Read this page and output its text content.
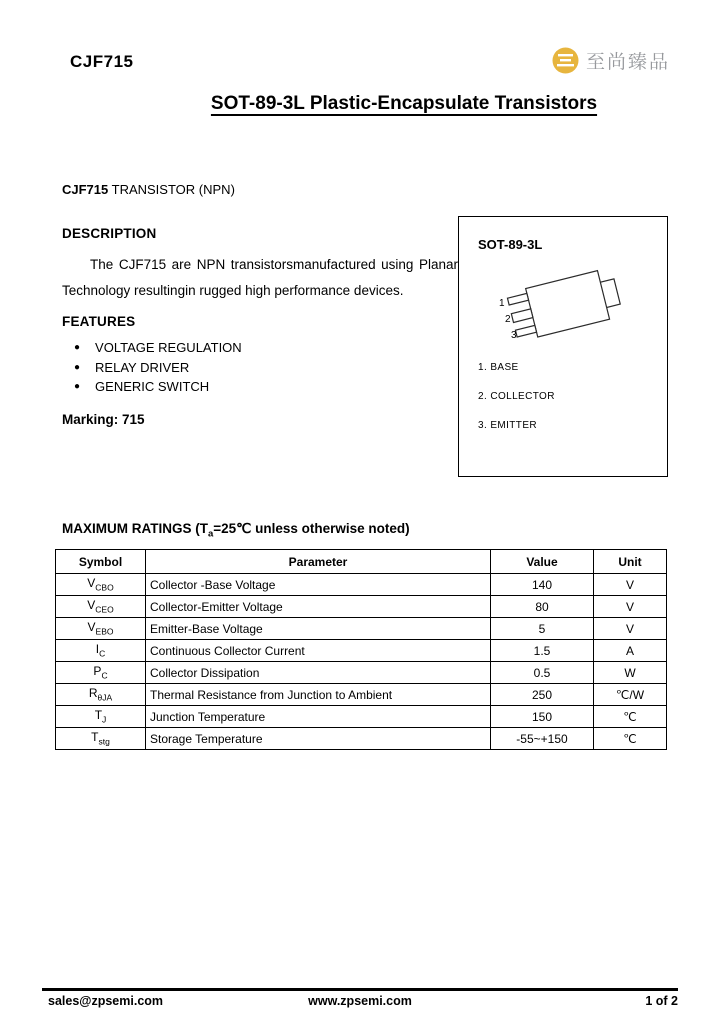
CJF715	至尚臻品
SOT-89-3L Plastic-Encapsulate Transistors
CJF715 TRANSISTOR (NPN)
DESCRIPTION
The CJF715 are NPN transistorsmanufactured using Planar Technology resultingin rugged high performance devices.
FEATURES
● VOLTAGE REGULATION
● RELAY DRIVER
● GENERIC SWITCH
Marking: 715
SOT-89-3L
1
2
3
1. BASE
2. COLLECTOR
3. EMITTER
MAXIMUM RATINGS ($T_a=25℃$ unless otherwise noted)
Symbol	Parameter	Value	Unit
$V_{CBO}$	Collector -Base Voltage	140	V
$V_{CEO}$	Collector-Emitter Voltage	80	V
$V_{EBO}$	Emitter-Base Voltage	5	V
$I_C$	Continuous Collector Current	1.5	A
$P_C$	Collector Dissipation	0.5	W
$R_{\theta JA}$	Thermal Resistance from Junction to Ambient	250	℃/W
$T_J$	Junction Temperature	150	℃
$T_{stg}$	Storage Temperature	-55~+150	℃
sales@zpsemi.com	www.zpsemi.com	1 of 2
